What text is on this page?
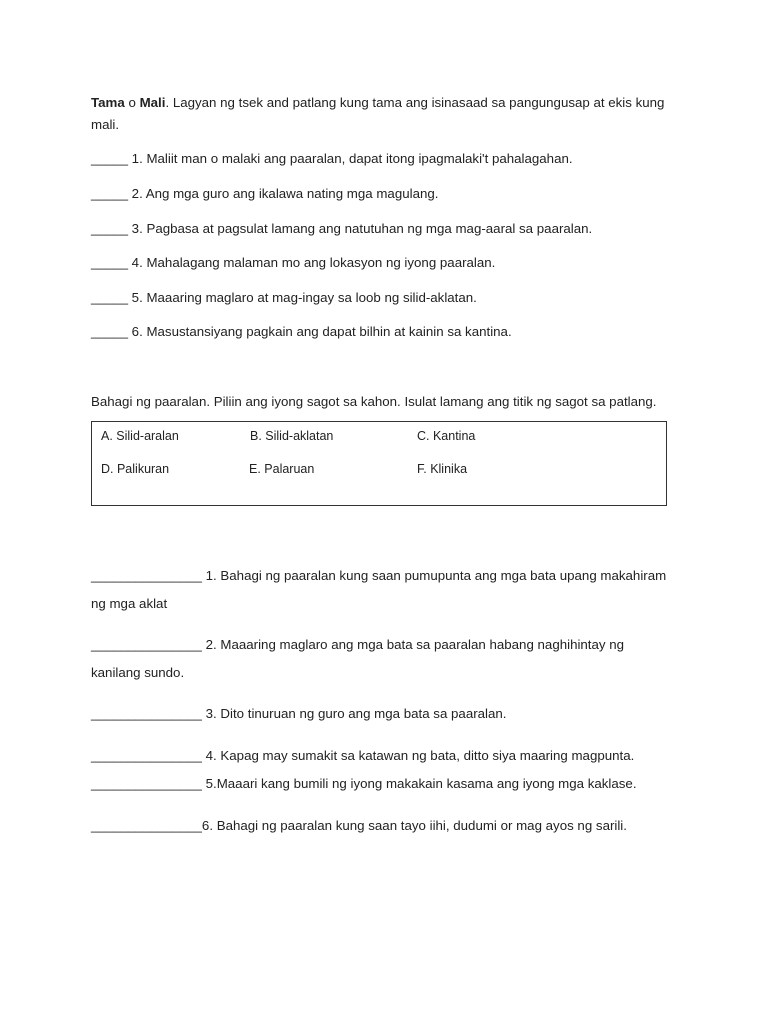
Tama o Mali. Lagyan ng tsek and patlang kung tama ang isinasaad sa pangungusap at ekis kung mali.
_____ 1. Maliit man o malaki ang paaralan, dapat itong ipagmalaki't pahalagahan.
_____ 2. Ang mga guro ang ikalawa nating mga magulang.
_____ 3. Pagbasa at pagsulat lamang ang natutuhan ng mga mag-aaral sa paaralan.
_____ 4. Mahalagang malaman mo ang lokasyon ng iyong paaralan.
_____ 5. Maaaring maglaro at mag-ingay sa loob ng silid-aklatan.
_____ 6. Masustansiyang pagkain ang dapat bilhin at kainin sa kantina.
Bahagi ng paaralan. Piliin ang iyong sagot sa kahon. Isulat lamang ang titik ng sagot sa patlang.
A. Silid-aralan	B. Silid-aklatan	C. Kantina
D. Palikuran	E. Palaruan	F. Klinika
_______________ 1. Bahagi ng paaralan kung saan pumupunta ang mga bata upang makahiram
ng mga aklat
_______________ 2. Maaaring maglaro ang mga bata sa paaralan habang naghihintay ng
kanilang sundo.
_______________ 3. Dito tinuruan ng guro ang mga bata sa paaralan.
_______________ 4. Kapag may sumakit sa katawan ng bata, ditto siya maaring magpunta.
_______________ 5.Maaari kang bumili ng iyong makakain kasama ang iyong mga kaklase.
_______________6. Bahagi ng paaralan kung saan tayo iihi, dudumi or mag ayos ng sarili.
